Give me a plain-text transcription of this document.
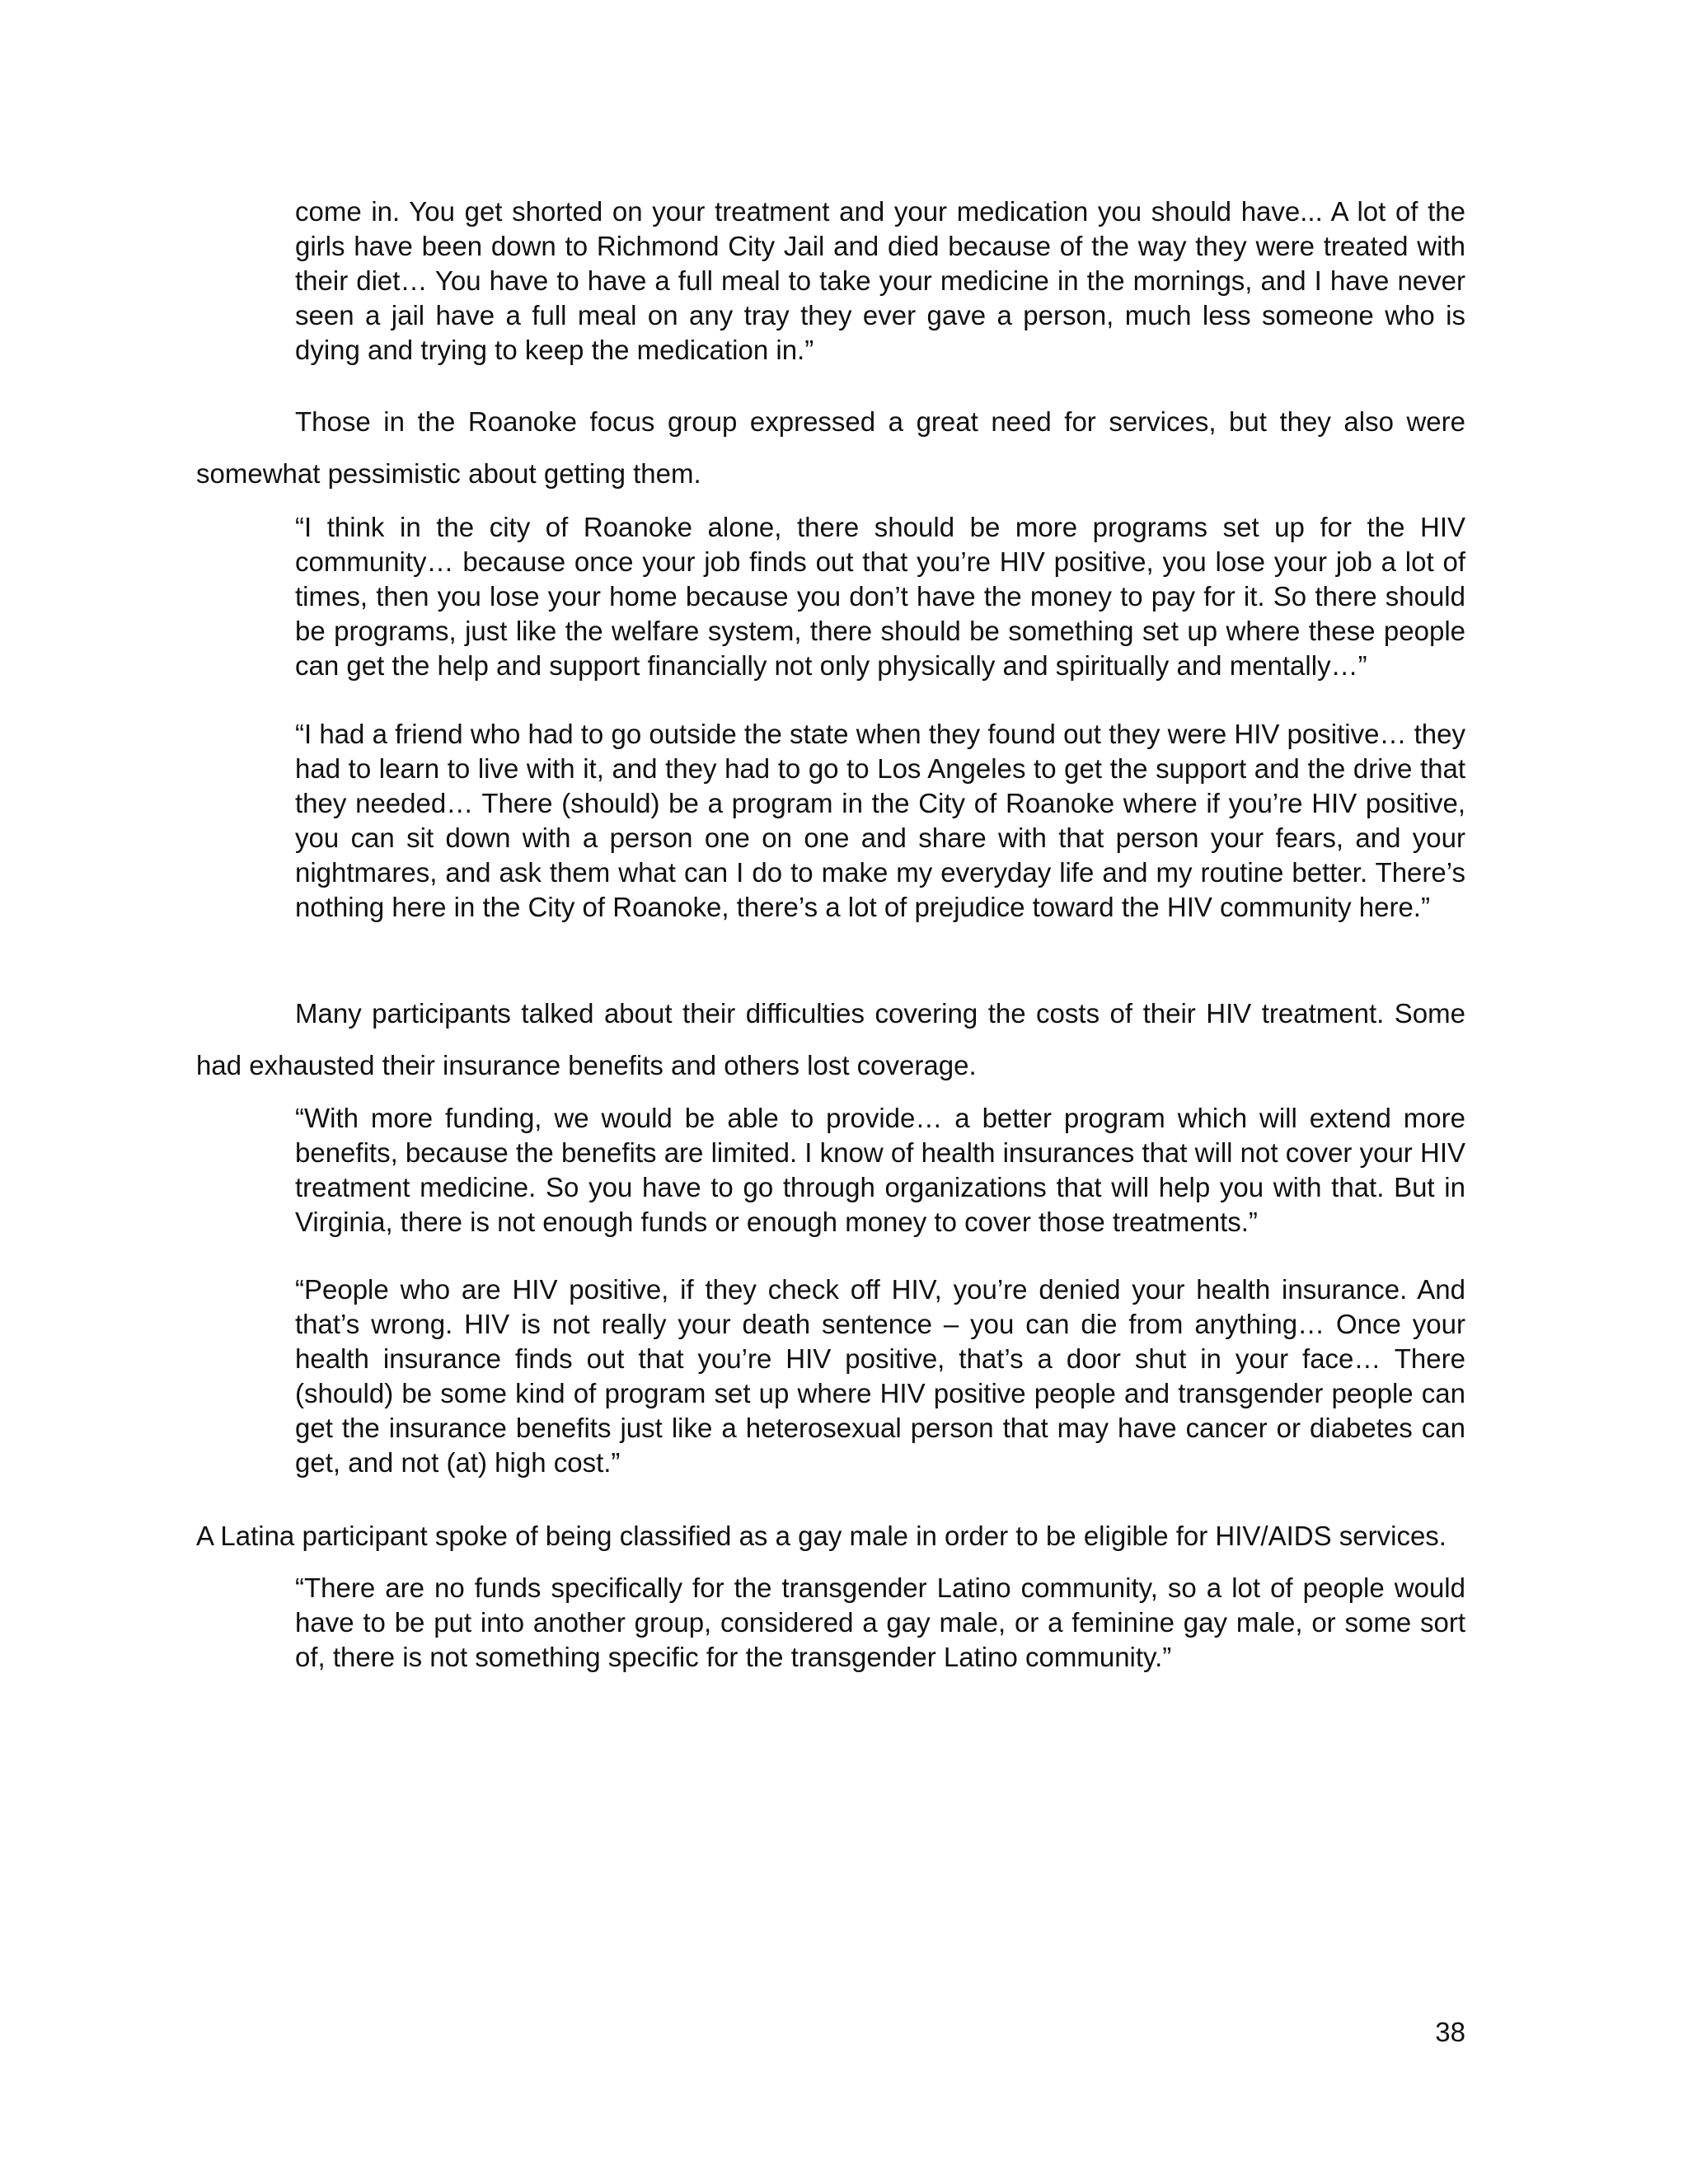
come in. You get shorted on your treatment and your medication you should have... A lot of the girls have been down to Richmond City Jail and died because of the way they were treated with their diet… You have to have a full meal to take your medicine in the mornings, and I have never seen a jail have a full meal on any tray they ever gave a person, much less someone who is dying and trying to keep the medication in.”

Those in the Roanoke focus group expressed a great need for services, but they also were somewhat pessimistic about getting them.

“I think in the city of Roanoke alone, there should be more programs set up for the HIV community… because once your job finds out that you’re HIV positive, you lose your job a lot of times, then you lose your home because you don’t have the money to pay for it. So there should be programs, just like the welfare system, there should be something set up where these people can get the help and support financially not only physically and spiritually and mentally…”

“I had a friend who had to go outside the state when they found out they were HIV positive… they had to learn to live with it, and they had to go to Los Angeles to get the support and the drive that they needed… There (should) be a program in the City of Roanoke where if you’re HIV positive, you can sit down with a person one on one and share with that person your fears, and your nightmares, and ask them what can I do to make my everyday life and my routine better. There’s nothing here in the City of Roanoke, there’s a lot of prejudice toward the HIV community here.”

Many participants talked about their difficulties covering the costs of their HIV treatment. Some had exhausted their insurance benefits and others lost coverage.

“With more funding, we would be able to provide… a better program which will extend more benefits, because the benefits are limited. I know of health insurances that will not cover your HIV treatment medicine. So you have to go through organizations that will help you with that. But in Virginia, there is not enough funds or enough money to cover those treatments.”

“People who are HIV positive, if they check off HIV, you’re denied your health insurance. And that’s wrong. HIV is not really your death sentence – you can die from anything… Once your health insurance finds out that you’re HIV positive, that’s a door shut in your face… There (should) be some kind of program set up where HIV positive people and transgender people can get the insurance benefits just like a heterosexual person that may have cancer or diabetes can get, and not (at) high cost.”

A Latina participant spoke of being classified as a gay male in order to be eligible for HIV/AIDS services.

“There are no funds specifically for the transgender Latino community, so a lot of people would have to be put into another group, considered a gay male, or a feminine gay male, or some sort of, there is not something specific for the transgender Latino community.”

38
